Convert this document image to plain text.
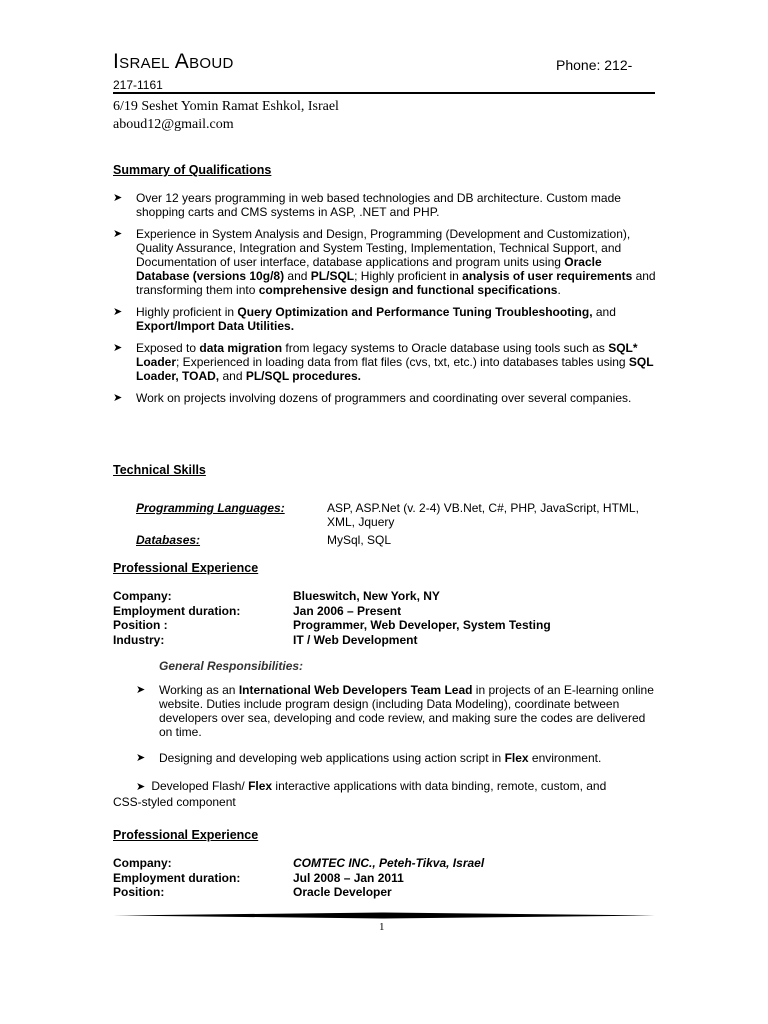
Israel Aboud	Phone: 212-
217-1161
6/19 Seshet Yomin Ramat Eshkol, Israel
aboud12@gmail.com
Summary of Qualifications
➤ Over 12 years programming in web based technologies and DB architecture. Custom made shopping carts and CMS systems in ASP, .NET and PHP.
➤ Experience in System Analysis and Design, Programming (Development and Customization), Quality Assurance, Integration and System Testing, Implementation, Technical Support, and Documentation of user interface, database applications and program units using Oracle Database (versions 10g/8) and PL/SQL; Highly proficient in analysis of user requirements and transforming them into comprehensive design and functional specifications.
➤ Highly proficient in Query Optimization and Performance Tuning Troubleshooting, and Export/Import Data Utilities.
➤ Exposed to data migration from legacy systems to Oracle database using tools such as SQL* Loader; Experienced in loading data from flat files (cvs, txt, etc.) into databases tables using SQL Loader, TOAD, and PL/SQL procedures.
➤ Work on projects involving dozens of programmers and coordinating over several companies.
Technical Skills
Programming Languages:	ASP, ASP.Net (v. 2-4) VB.Net, C#, PHP, JavaScript, HTML, XML, Jquery
Databases:	MySql, SQL
Professional Experience
Company:	Blueswitch, New York, NY
Employment duration:	Jan 2006 – Present
Position :	Programmer, Web Developer, System Testing
Industry:	IT / Web Development
General Responsibilities:
➤ Working as an International Web Developers Team Lead in projects of an E-learning online website. Duties include program design (including Data Modeling), coordinate between developers over sea, developing and code review, and making sure the codes are delivered on time.
➤ Designing and developing web applications using action script in Flex environment.
➤  Developed Flash/ Flex interactive applications with data binding, remote, custom, and
CSS-styled component
Professional Experience
Company:	COMTEC INC., Peteh-Tikva, Israel
Employment duration:	Jul 2008 – Jan 2011
Position:	Oracle Developer
1
